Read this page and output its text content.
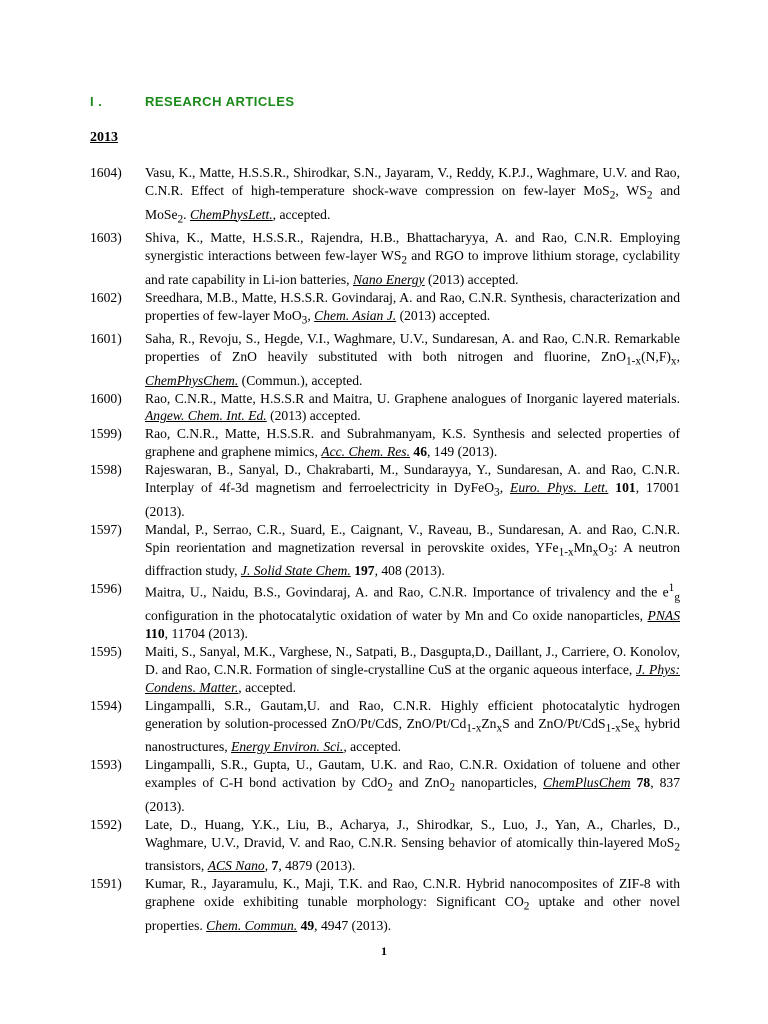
I .	RESEARCH ARTICLES
2013
1604)	Vasu, K., Matte, H.S.S.R., Shirodkar, S.N., Jayaram, V., Reddy, K.P.J., Waghmare, U.V. and Rao, C.N.R. Effect of high-temperature shock-wave compression on few-layer MoS$_2$, $WS_2$ and MoSe$_2$. ChemPhysLett., accepted.
1603)	Shiva, K., Matte, H.S.S.R., Rajendra, H.B., Bhattacharyya, A. and Rao, C.N.R. Employing synergistic interactions between few-layer $WS_2$ and RGO to improve lithium storage, cyclability and rate capability in Li-ion batteries, Nano Energy (2013) accepted.
1602)	Sreedhara, M.B., Matte, H.S.S.R. Govindaraj, A. and Rao, C.N.R. Synthesis, characterization and properties of few-layer MoO$_3$, Chem. Asian J. (2013) accepted.
1601)	Saha, R., Revoju, S., Hegde, V.I., Waghmare, U.V., Sundaresan, A. and Rao, C.N.R. Remarkable properties of ZnO heavily substituted with both nitrogen and fluorine, $ZnO_{1-x}(N,F)_x$, ChemPhysChem. (Commun.), accepted.
1600)	Rao, C.N.R., Matte, H.S.S.R and Maitra, U. Graphene analogues of Inorganic layered materials. Angew. Chem. Int. Ed. (2013) accepted.
1599)	Rao, C.N.R., Matte, H.S.S.R. and Subrahmanyam, K.S. Synthesis and selected properties of graphene and graphene mimics, Acc. Chem. Res. 46, 149 (2013).
1598)	Rajeswaran, B., Sanyal, D., Chakrabarti, M., Sundarayya, Y., Sundaresan, A. and Rao, C.N.R. Interplay of 4f-3d magnetism and ferroelectricity in DyFeO$_3$, Euro. Phys. Lett. 101, 17001 (2013).
1597)	Mandal, P., Serrao, C.R., Suard, E., Caignant, V., Raveau, B., Sundaresan, A. and Rao, C.N.R. Spin reorientation and magnetization reversal in perovskite oxides, $YFe_{1-x}Mn_xO_3$: A neutron diffraction study, J. Solid State Chem. 197, 408 (2013).
1596)	Maitra, U., Naidu, B.S., Govindaraj, A. and Rao, C.N.R. Importance of trivalency and the $e^1_g$ configuration in the photocatalytic oxidation of water by Mn and Co oxide nanoparticles, PNAS 110, 11704 (2013).
1595)	Maiti, S., Sanyal, M.K., Varghese, N., Satpati, B., Dasgupta,D., Daillant, J., Carriere, O. Konolov, D. and Rao, C.N.R. Formation of single-crystalline CuS at the organic aqueous interface, J. Phys: Condens. Matter., accepted.
1594)	Lingampalli, S.R., Gautam,U. and Rao, C.N.R. Highly efficient photocatalytic hydrogen generation by solution-processed ZnO/Pt/CdS, ZnO/$Pt/Cd_{1-x}Zn_xS$ and ZnO/$Pt/CdS_{1-x}Se_x$ hybrid nanostructures, Energy Environ. Sci., accepted.
1593)	Lingampalli, S.R., Gupta, U., Gautam, U.K. and Rao, C.N.R. Oxidation of toluene and other examples of C-H bond activation by CdO$_2$ and ZnO$_2$ nanoparticles, ChemPlusChem 78, 837 (2013).
1592)	Late, D., Huang, Y.K., Liu, B., Acharya, J., Shirodkar, S., Luo, J., Yan, A., Charles, D., Waghmare, U.V., Dravid, V. and Rao, C.N.R. Sensing behavior of atomically thin-layered MoS$_2$ transistors, ACS Nano, 7, 4879 (2013).
1591)	Kumar, R., Jayaramulu, K., Maji, T.K. and Rao, C.N.R. Hybrid nanocomposites of ZIF-8 with graphene oxide exhibiting tunable morphology: Significant $CO_2$ uptake and other novel properties. Chem. Commun. 49, 4947 (2013).
1
